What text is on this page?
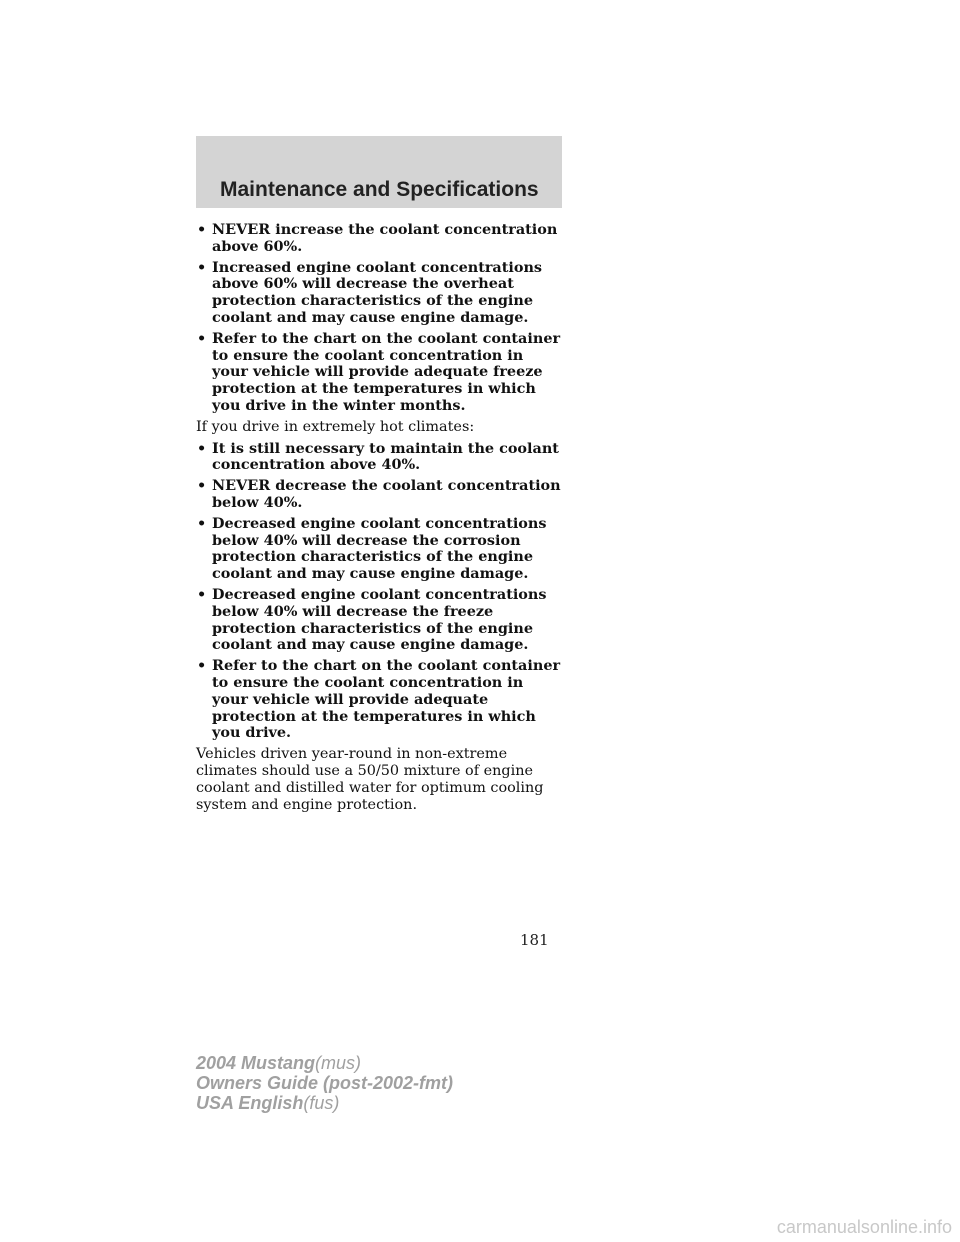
Maintenance and Specifications
• NEVER increase the coolant concentration above 60%.
• Increased engine coolant concentrations above 60% will decrease the overheat protection characteristics of the engine coolant and may cause engine damage.
• Refer to the chart on the coolant container to ensure the coolant concentration in your vehicle will provide adequate freeze protection at the temperatures in which you drive in the winter months.

If you drive in extremely hot climates:

• It is still necessary to maintain the coolant concentration above 40%.
• NEVER decrease the coolant concentration below 40%.
• Decreased engine coolant concentrations below 40% will decrease the corrosion protection characteristics of the engine coolant and may cause engine damage.
• Decreased engine coolant concentrations below 40% will decrease the freeze protection characteristics of the engine coolant and may cause engine damage.
• Refer to the chart on the coolant container to ensure the coolant concentration in your vehicle will provide adequate protection at the temperatures in which you drive.

Vehicles driven year-round in non-extreme climates should use a 50/50 mixture of engine coolant and distilled water for optimum cooling system and engine protection.

181
2004 Mustang(mus)
Owners Guide (post-2002-fmt)
USA English(fus)
carmanualsonline.info
